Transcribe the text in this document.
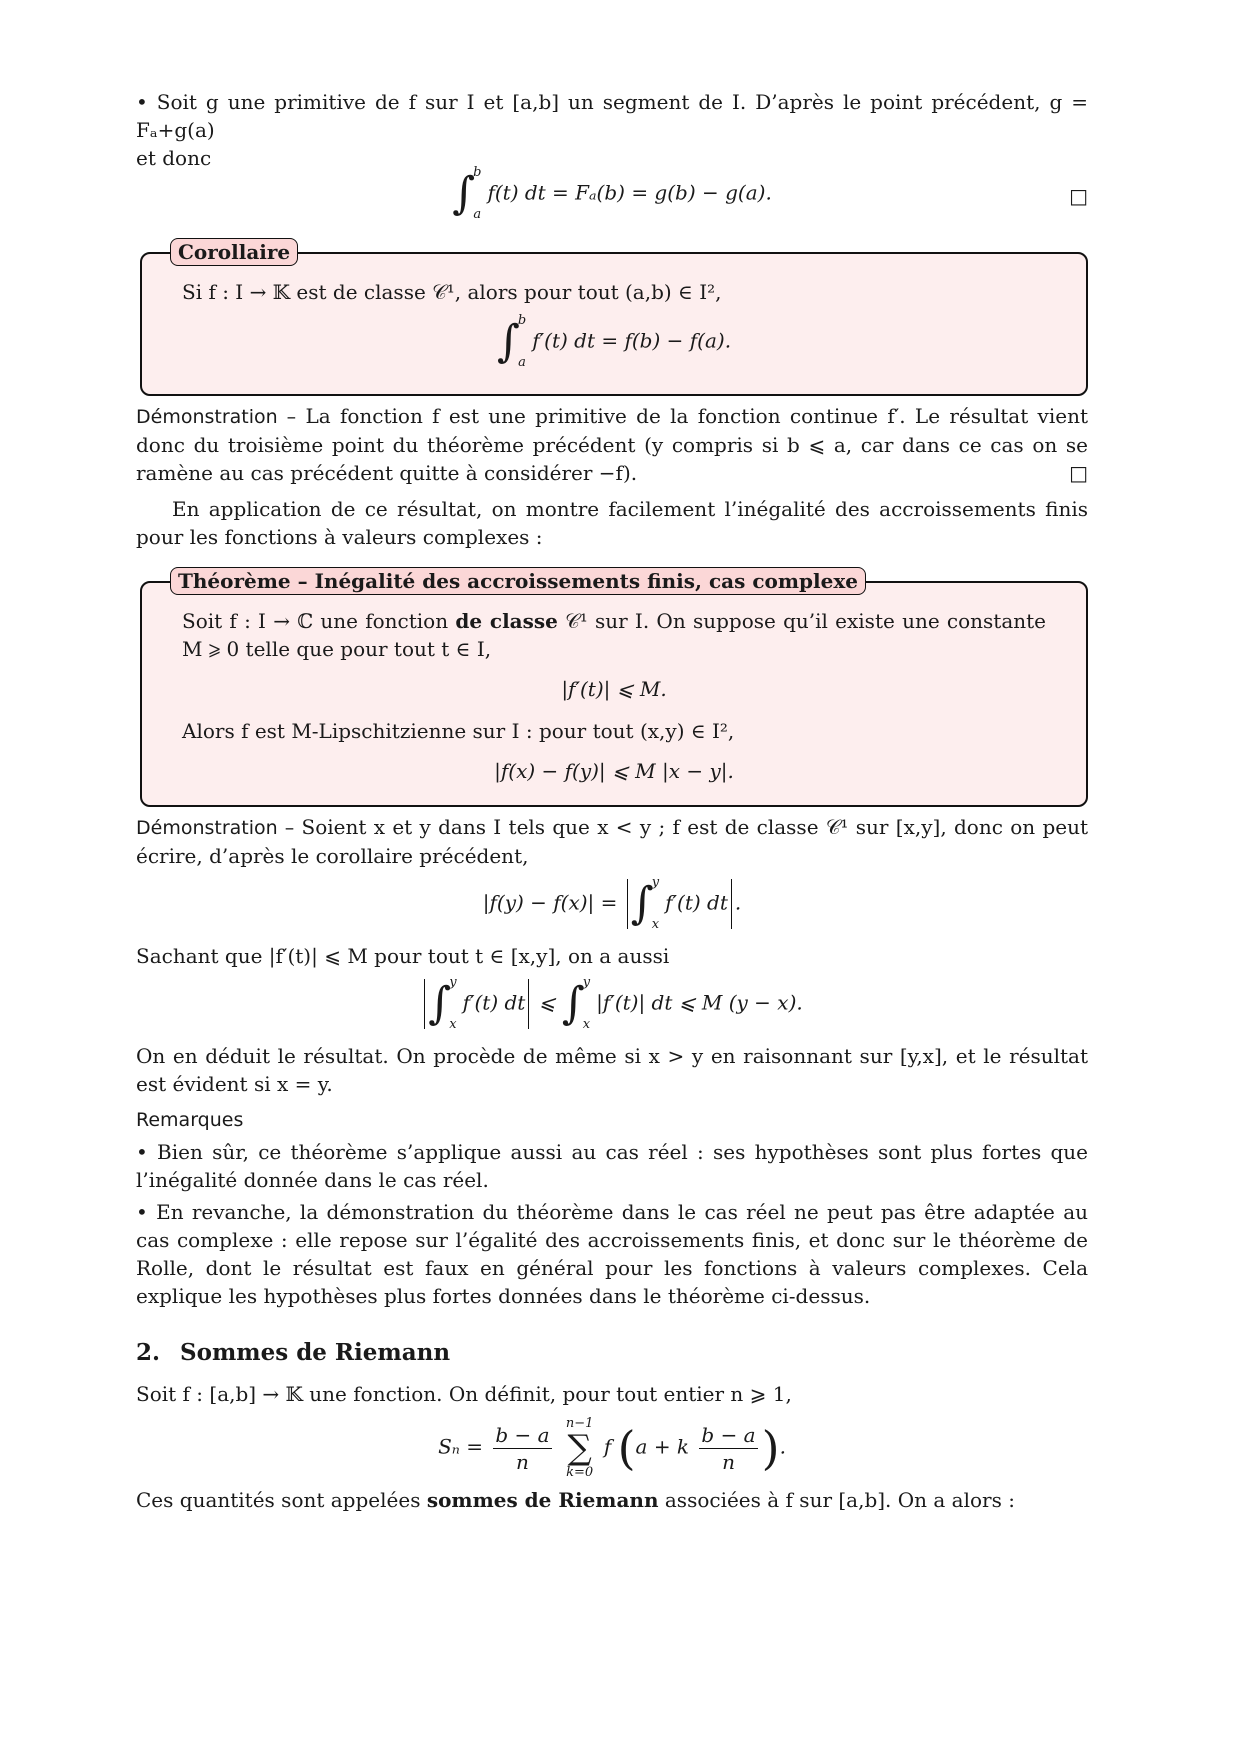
• Soit g une primitive de f sur I et [a,b] un segment de I. D’après le point précédent, g = Fₐ+g(a)

et donc

∫
b
a
f(t) dt = Fₐ(b) = g(b) − g(a).	□
Corollaire

Si f : I → 𝕂 est de classe 𝒞¹, alors pour tout (a,b) ∈ I²,

∫
b
a
f′(t) dt = f(b) − f(a).

Démonstration – La fonction f est une primitive de la fonction continue f′. Le résultat vient donc du troisième point du théorème précédent (y compris si b ⩽ a, car dans ce cas on se ramène au cas précédent quitte à considérer −f).	□

En application de ce résultat, on montre facilement l’inégalité des accroissements finis pour les fonctions à valeurs complexes :

Théorème – Inégalité des accroissements finis, cas complexe

Soit f : I → ℂ une fonction de classe 𝒞¹ sur I. On suppose qu’il existe une constante M ⩾ 0 telle que pour tout t ∈ I,

|f′(t)| ⩽ M.

Alors f est M-Lipschitzienne sur I : pour tout (x,y) ∈ I²,

|f(x) − f(y)| ⩽ M |x − y|.

Démonstration – Soient x et y dans I tels que x < y ; f est de classe 𝒞¹ sur [x,y], donc on peut écrire, d’après le corollaire précédent,

|f(y) − f(x)| = ∫
y
x
f′(t) dt .

Sachant que |f′(t)| ⩽ M pour tout t ∈ [x,y], on a aussi

∫
y
x
f′(t) dt ⩽ ∫
y
x
|f′(t)| dt ⩽ M (y − x).

On en déduit le résultat. On procède de même si x > y en raisonnant sur [y,x], et le résultat est évident si x = y.

Remarques

• Bien sûr, ce théorème s’applique aussi au cas réel : ses hypothèses sont plus fortes que l’inégalité donnée dans le cas réel.

• En revanche, la démonstration du théorème dans le cas réel ne peut pas être adaptée au cas complexe : elle repose sur l’égalité des accroissements finis, et donc sur le théorème de Rolle, dont le résultat est faux en général pour les fonctions à valeurs complexes. Cela explique les hypothèses plus fortes données dans le théorème ci-dessus.

2. Sommes de Riemann

Soit f : [a,b] → 𝕂 une fonction. On définit, pour tout entier n ⩾ 1,

$S_n = \frac{b - a}{n}$
n−1
∑
k=0
f (a + k $\frac{b - a}{n}$ ).

Ces quantités sont appelées sommes de Riemann associées à f sur [a,b]. On a alors :
